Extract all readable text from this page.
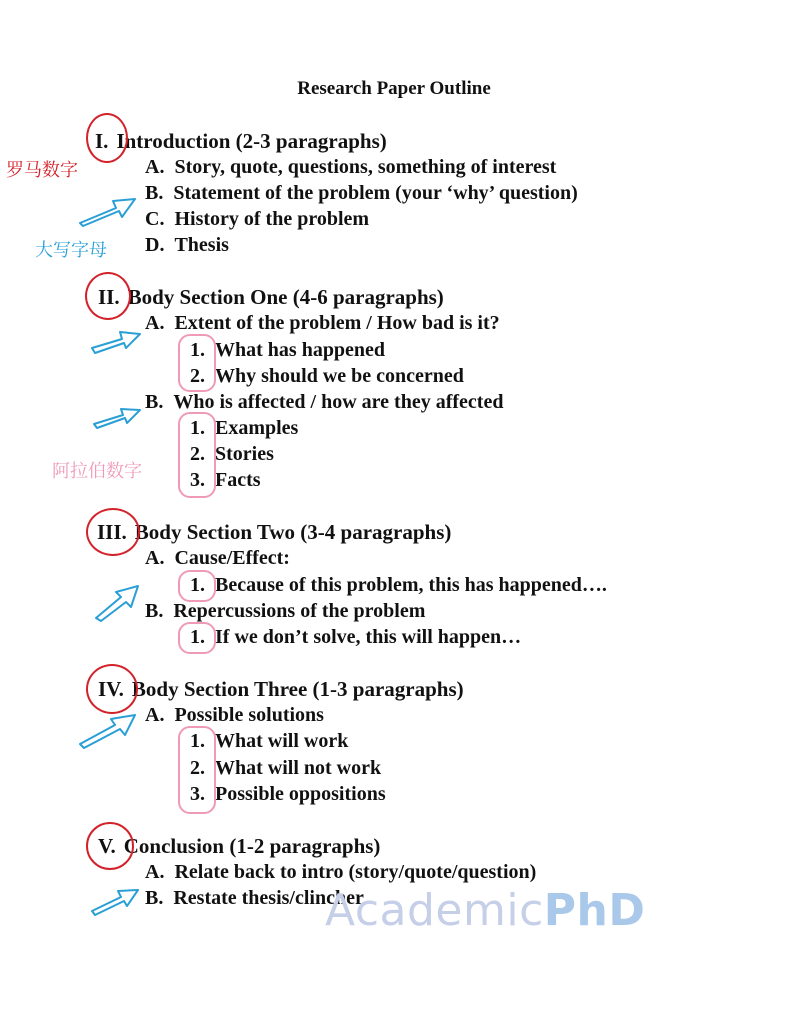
Research Paper Outline
I. Introduction (2-3 paragraphs)
A. Story, quote, questions, something of interest
B. Statement of the problem (your ‘why’ question)
C. History of the problem
D. Thesis
II. Body Section One (4-6 paragraphs)
A. Extent of the problem / How bad is it?
1. What has happened
2. Why should we be concerned
B. Who is affected / how are they affected
1. Examples
2. Stories
3. Facts
III. Body Section Two (3-4 paragraphs)
A. Cause/Effect:
1. Because of this problem, this has happened….
B. Repercussions of the problem
1. If we don’t solve, this will happen…
IV. Body Section Three (1-3 paragraphs)
A. Possible solutions
1. What will work
2. What will not work
3. Possible oppositions
V. Conclusion (1-2 paragraphs)
A. Relate back to intro (story/quote/question)
B. Restate thesis/clincher
罗马数字
大写字母
阿拉伯数字
AcademicPhD
